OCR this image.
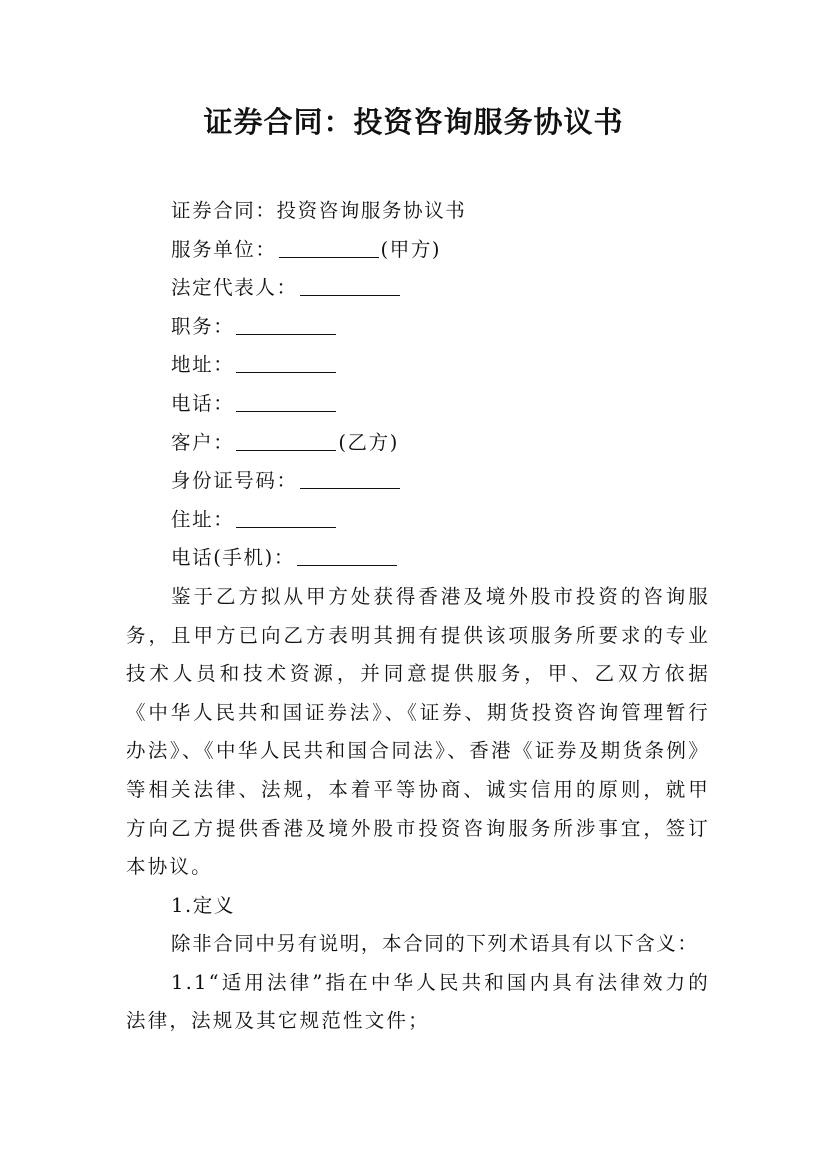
证券合同：投资咨询服务协议书

证券合同：投资咨询服务协议书

服务单位：	(甲方)

法定代表人：

职务：

地址：

电话：

客户：	(乙方)

身份证号码：

住址：

电话(手机)：

鉴于乙方拟从甲方处获得香港及境外股市投资的咨询服务，且甲方已向乙方表明其拥有提供该项服务所要求的专业技术人员和技术资源，并同意提供服务，甲、乙双方依据《中华人民共和国证券法》、《证券、期货投资咨询管理暂行办法》、《中华人民共和国合同法》、香港《证券及期货条例》等相关法律、法规，本着平等协商、诚实信用的原则，就甲方向乙方提供香港及境外股市投资咨询服务所涉事宜，签订本协议。

1.定义

除非合同中另有说明，本合同的下列术语具有以下含义：

1.1“适用法律”指在中华人民共和国内具有法律效力的法律，法规及其它规范性文件；
